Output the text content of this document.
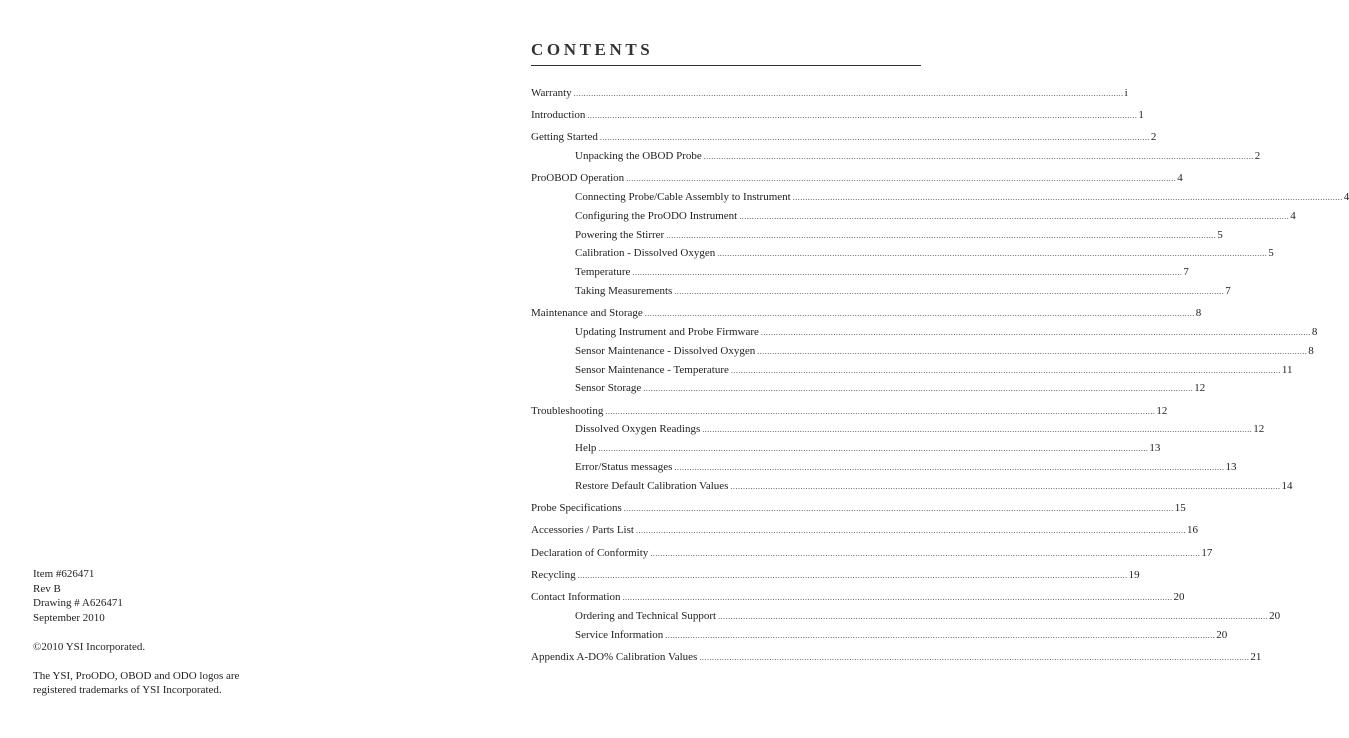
Item #626471
Rev B
Drawing # A626471
September 2010
©2010 YSI Incorporated.
The YSI, ProODO, OBOD and ODO logos are
registered trademarks of YSI Incorporated.
CONTENTS
Warranty ............................................................................................................................................................................................................................ i
Introduction ............................................................................................................................................................................................................................ 1
Getting Started ............................................................................................................................................................................................................................ 2
Unpacking the OBOD Probe ............................................................................................................................................................................................................................ 2
ProOBOD Operation ............................................................................................................................................................................................................................ 4
Connecting Probe/Cable Assembly to Instrument ............................................................................................................................................................................................................................ 4
Configuring the ProODO Instrument ............................................................................................................................................................................................................................ 4
Powering the Stirrer ............................................................................................................................................................................................................................ 5
Calibration - Dissolved Oxygen ............................................................................................................................................................................................................................ 5
Temperature ............................................................................................................................................................................................................................ 7
Taking Measurements ............................................................................................................................................................................................................................ 7
Maintenance and Storage ............................................................................................................................................................................................................................ 8
Updating Instrument and Probe Firmware ............................................................................................................................................................................................................................ 8
Sensor Maintenance - Dissolved Oxygen ............................................................................................................................................................................................................................ 8
Sensor Maintenance - Temperature ............................................................................................................................................................................................................................ 11
Sensor Storage ............................................................................................................................................................................................................................ 12
Troubleshooting ............................................................................................................................................................................................................................ 12
Dissolved Oxygen Readings ............................................................................................................................................................................................................................ 12
Help ............................................................................................................................................................................................................................ 13
Error/Status messages ............................................................................................................................................................................................................................ 13
Restore Default Calibration Values ............................................................................................................................................................................................................................ 14
Probe Specifications ............................................................................................................................................................................................................................ 15
Accessories / Parts List ............................................................................................................................................................................................................................ 16
Declaration of Conformity ............................................................................................................................................................................................................................ 17
Recycling ............................................................................................................................................................................................................................ 19
Contact Information ............................................................................................................................................................................................................................ 20
Ordering and Technical Support ............................................................................................................................................................................................................................ 20
Service Information ............................................................................................................................................................................................................................ 20
Appendix A-DO% Calibration Values ............................................................................................................................................................................................................................ 21
